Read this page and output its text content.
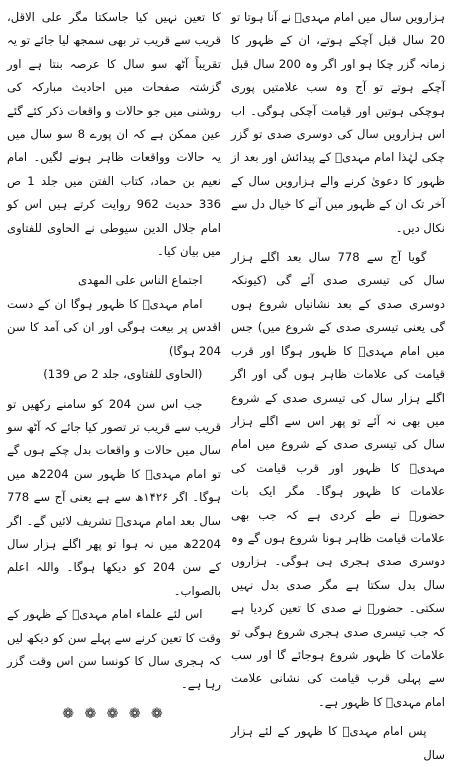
ہزارویں سال میں امام مہدیؒ نے آنا ہوتا تو 20 سال قبل آچکے ہوتے، ان کے ظہور کا زمانہ گزر چکا ہو اور اگر وہ 200 سال قبل آچکے ہوتے تو آج وہ سب علامتیں پوری ہوچکی ہوتیں اور قیامت آچکی ہوگی۔ اب اس ہزارویں سال کی دوسری صدی تو گزر چکی لہٰذا امام مہدیؒ کے پیدائش اور بعد از ظہور کا دعویٰ کرنے والے ہزارویں سال کے آخر تک ان کے ظہور میں آنے کا خیال دل سے نکال دیں۔

گویا آج سے 778 سال بعد اگلے ہزار سال کی تیسری صدی آئے گی (کیونکہ دوسری صدی کے بعد نشانیاں شروع ہوں گی یعنی تیسری صدی کے شروع میں) جس میں امام مہدیؒ کا ظہور ہوگا اور قرب قیامت کی علامات ظاہر ہوں گی اور اگر اگلے ہزار سال کی تیسری صدی کے شروع میں بھی نہ آئے تو پھر اس سے اگلے ہزار سال کی تیسری صدی کے شروع میں امام مہدیؒ کا ظہور اور قرب قیامت کی علامات کا ظہور ہوگا۔ مگر ایک بات حضورؐ نے طے کردی ہے کہ جب بھی علامات قیامت ظاہر ہونا شروع ہوں گے وہ دوسری صدی ہجری ہی ہوگی۔ ہزاروں سال بدل سکتا ہے مگر صدی بدل نہیں سکتی۔ حضورؐ نے صدی کا تعین کردیا ہے کہ جب تیسری صدی ہجری شروع ہوگی تو علامات کا ظہور شروع ہوجائے گا اور سب سے پہلی قرب قیامت کی نشانی علامت امام مہدیؒ کا ظہور ہے۔

پس امام مہدیؒ کا ظہور کے لئے ہزار سال

کا تعین نہیں کیا جاسکتا مگر علی الاقل، قریب سے قریب تر بھی سمجھ لیا جائے تو یہ تقریباً آٹھ سو سال کا عرصہ بنتا ہے اور گزشتہ صفحات میں احادیث مبارکہ کی روشنی میں جو حالات و واقعات ذکر کئے گئے عین ممکن ہے کہ ان پورے 8 سو سال میں یہ حالات وواقعات ظاہر ہونے لگیں۔ امام نعیم بن حماد، کتاب الفتن میں جلد 1 ص 336 حدیث 962 روایت کرتے ہیں اس کو امام جلال الدین سیوطی نے الحاوی للفتاوی میں بیان کیا۔

اجتماع الناس علی المھدی

امام مہدیؒ کا ظہور ہوگا ان کے دست اقدس پر بیعت ہوگی اور ان کی آمد کا سن 204 ہوگا)

(الحاوی للفتاوی، جلد 2 ص 139)

جب اس سن 204 کو سامنے رکھیں تو قریب سے قریب تر تصور کیا جائے کہ آٹھ سو سال میں حالات و واقعات بدل چکے ہوں گے تو امام مہدیؒ کا ظہور سن 2204ھ میں ہوگا۔ اگر ۱۴۲۶ھ سے ہے یعنی آج سے 778 سال بعد امام مہدیؒ تشریف لائیں گے۔ اگر 2204ھ میں نہ ہوا تو پھر اگلے ہزار سال کے سن 204 کو دیکھا ہوگا۔ واللہ اعلم بالصواب۔

اس لئے علماء امام مہدیؒ کے ظہور کے وقت کا تعین کرنے سے پہلے سن کو دیکھ لیں کہ ہجری سال کا کونسا سن اس وقت گزر رہا ہے۔

❁ ❁ ❁ ❁ ❁
